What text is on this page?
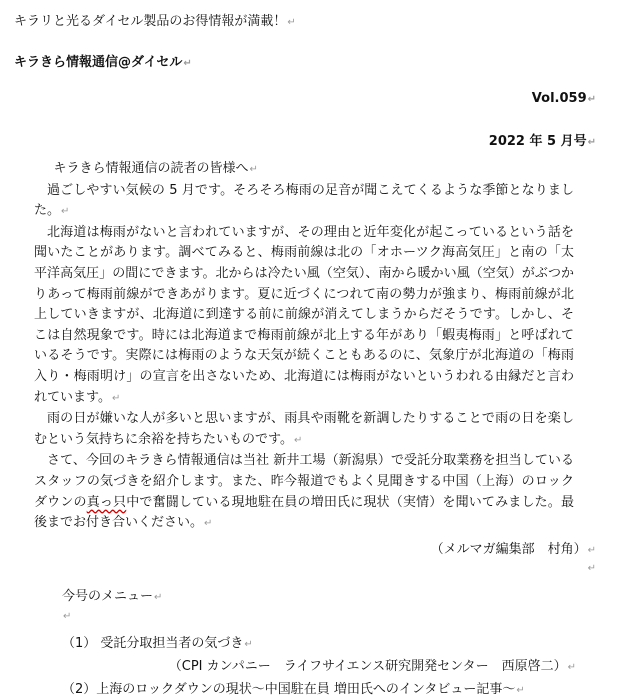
キラリと光るダイセル製品のお得情報が満載！ ↵
キラきら情報通信@ダイセル ↵
Vol.059 ↵
2022 年 5 月号 ↵

キラきら情報通信の読者の皆様へ ↵

過ごしやすい気候の 5 月です。そろそろ梅雨の足音が聞こえてくるような季節となりました。 ↵

北海道は梅雨がないと言われていますが、その理由と近年変化が起こっているという話を聞いたことがあります。調べてみると、梅雨前線は北の「オホーツク海高気圧」と南の「太平洋高気圧」の間にできます。北からは冷たい風（空気）、南から暖かい風（空気）がぶつかりあって梅雨前線ができあがります。夏に近づくにつれて南の勢力が強まり、梅雨前線が北上していきますが、北海道に到達する前に前線が消えてしまうからだそうです。しかし、そこは自然現象です。時には北海道まで梅雨前線が北上する年があり「蝦夷梅雨」と呼ばれているそうです。実際には梅雨のような天気が続くこともあるのに、気象庁が北海道の「梅雨入り・梅雨明け」の宣言を出さないため、北海道には梅雨がないというわれる由縁だと言われています。 ↵

雨の日が嫌いな人が多いと思いますが、雨具や雨靴を新調したりすることで雨の日を楽しむという気持ちに余裕を持ちたいものです。 ↵

さて、今回のキラきら情報通信は当社 新井工場（新潟県）で受託分取業務を担当しているスタッフの気づきを紹介します。また、昨今報道でもよく見聞きする中国（上海）のロックダウンの真っ只中で奮闘している現地駐在員の増田氏に現状（実情）を聞いてみました。最後までお付き合いください。 ↵

（メルマガ編集部　村角） ↵
↵
今号のメニュー ↵
↵
（1） 受託分取担当者の気づき ↵
（CPI カンパニー　ライフサイエンス研究開発センター　西原啓二） ↵
（2）上海のロックダウンの現状～中国駐在員 増田氏へのインタビュー記事～ ↵
